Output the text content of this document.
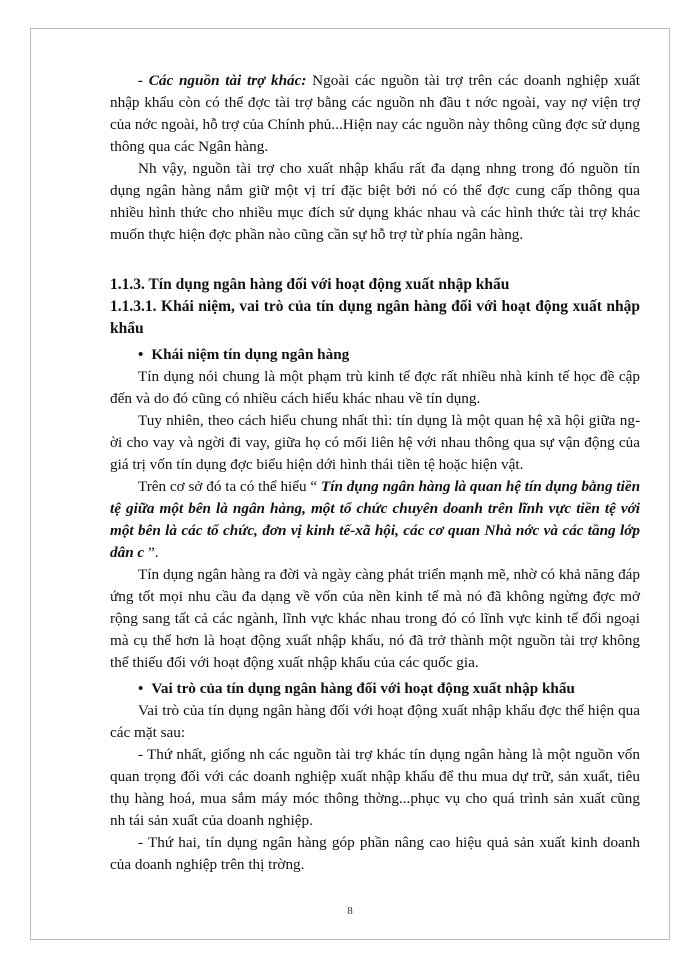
- Các nguồn tài trợ khác: Ngoài các nguồn tài trợ trên các doanh nghiệp xuất nhập khẩu còn có thể đợc tài trợ bằng các nguồn nh đầu t nớc ngoài, vay nợ viện trợ của nớc ngoài, hỗ trợ của Chính phủ...Hiện nay các nguồn này thông cũng đợc sử dụng thông qua các Ngân hàng.

Nh vậy, nguồn tài trợ cho xuất nhập khẩu rất đa dạng nhng trong đó nguồn tín dụng ngân hàng nắm giữ một vị trí đặc biệt bởi nó có thể đợc cung cấp thông qua nhiều hình thức cho nhiều mục đích sử dụng khác nhau và các hình thức tài trợ khác muốn thực hiện đợc phần nào cũng cần sự hỗ trợ từ phía ngân hàng.

1.1.3. Tín dụng ngân hàng đối với hoạt động xuất nhập khẩu

1.1.3.1. Khái niệm, vai trò của tín dụng ngân hàng đối với hoạt động xuất nhập khẩu

• Khái niệm tín dụng ngân hàng

Tín dụng nói chung là một phạm trù kinh tế đợc rất nhiều nhà kinh tế học đề cập đến và do đó cũng có nhiều cách hiểu khác nhau về tín dụng.

Tuy nhiên, theo cách hiểu chung nhất thì: tín dụng là một quan hệ xã hội giữa ngời cho vay và ngời đi vay, giữa họ có mối liên hệ với nhau thông qua sự vận động của giá trị vốn tín dụng đợc biểu hiện dới hình thái tiền tệ hoặc hiện vật.

Trên cơ sở đó ta có thể hiểu “ Tín dụng ngân hàng là quan hệ tín dụng bằng tiền tệ giữa một bên là ngân hàng, một tổ chức chuyên doanh trên lĩnh vực tiền tệ với một bên là các tổ chức, đơn vị kinh tế-xã hội, các cơ quan Nhà nớc và các tầng lớp dân c ”.

Tín dụng ngân hàng ra đời và ngày càng phát triển mạnh mẽ, nhờ có khả năng đáp ứng tốt mọi nhu cầu đa dạng về vốn của nền kinh tế mà nó đã không ngừng đợc mở rộng sang tất cả các ngành, lĩnh vực khác nhau trong đó có lĩnh vực kinh tế đối ngoại mà cụ thể hơn là hoạt động xuất nhập khẩu, nó đã trở thành một nguồn tài trợ không thể thiếu đối với hoạt động xuất nhập khẩu của các quốc gia.

• Vai trò của tín dụng ngân hàng đối với hoạt động xuất nhập khẩu

Vai trò của tín dụng ngân hàng đối với hoạt động xuất nhập khẩu đợc thể hiện qua các mặt sau:

- Thứ nhất, giống nh các nguồn tài trợ khác tín dụng ngân hàng là một nguồn vốn quan trọng đối với các doanh nghiệp xuất nhập khẩu để thu mua dự trữ, sản xuất, tiêu thụ hàng hoá, mua sắm máy móc thông thờng...phục vụ cho quá trình sản xuất cũng nh tái sản xuất của doanh nghiệp.

- Thứ hai, tín dụng ngân hàng góp phần nâng cao hiệu quả sản xuất kinh doanh của doanh nghiệp trên thị trờng.

8
